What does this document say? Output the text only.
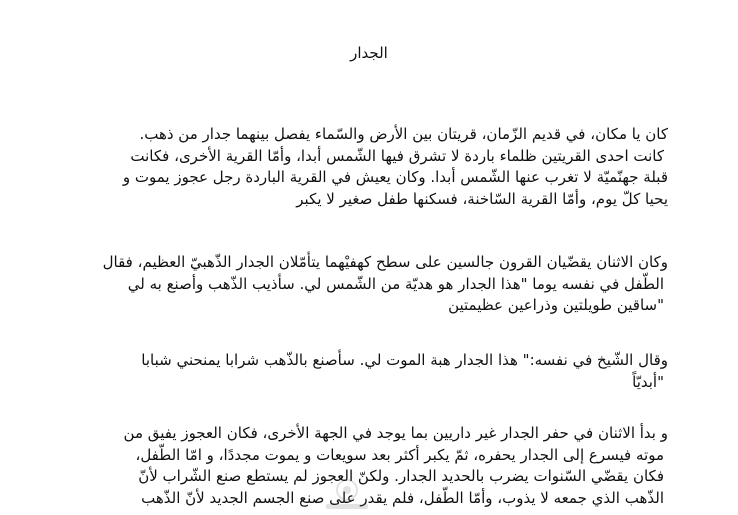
الجدار
كان يا مكان، في قديم الزّمان، قريتان بين الأرض والسّماء يفصل بينهما جدار من ذهب.
كانت احدى القريتين ظلماء باردة لا تشرق فيها الشّمس أبدا، وأمّا القرية الأخرى، فكانت
قبلة جهنّميّة لا تغرب عنها الشّمس أبدا. وكان يعيش في القرية الباردة رجل عجوز يموت و
يحيا كلّ يوم، وأمّا القرية السّاخنة، فسكنها طفل صغير لا يكبر
وكان الاثنان يقضّيان القرون جالسين على سطح كهفيْهما يتأمّلان الجدار الذّهبيّ العظيم، فقال
الطّفل في نفسه يوما "هذا الجدار هو هديّة من الشّمس لي. سأذيب الذّهب وأصنع به لي
"ساقين طويلتين وذراعين عظيمتين
وقال الشّيخ في نفسه:" هذا الجدار هبة الموت لي. سأصنع بالذّهب شرابا يمنحني شبابا
"أبديّاً
و بدأ الاثنان في حفر الجدار غير داريين بما يوجد في الجهة الأخرى، فكان العجوز يفيق من
موته فيسرع إلى الجدار يحفره، ثمّ يكبر أكثر بعد سويعات و يموت مجددًا، و امّا الطّفل،
فكان يقضّي السّنوات يضرب بالحديد الجدار. ولكنّ العجوز لم يستطع صنع الشّراب لأنّ
الذّهب الذي جمعه لا يذوب، وأمّا الطّفل، فلم يقدر على صنع الجسم الجديد لأنّ الذّهب
